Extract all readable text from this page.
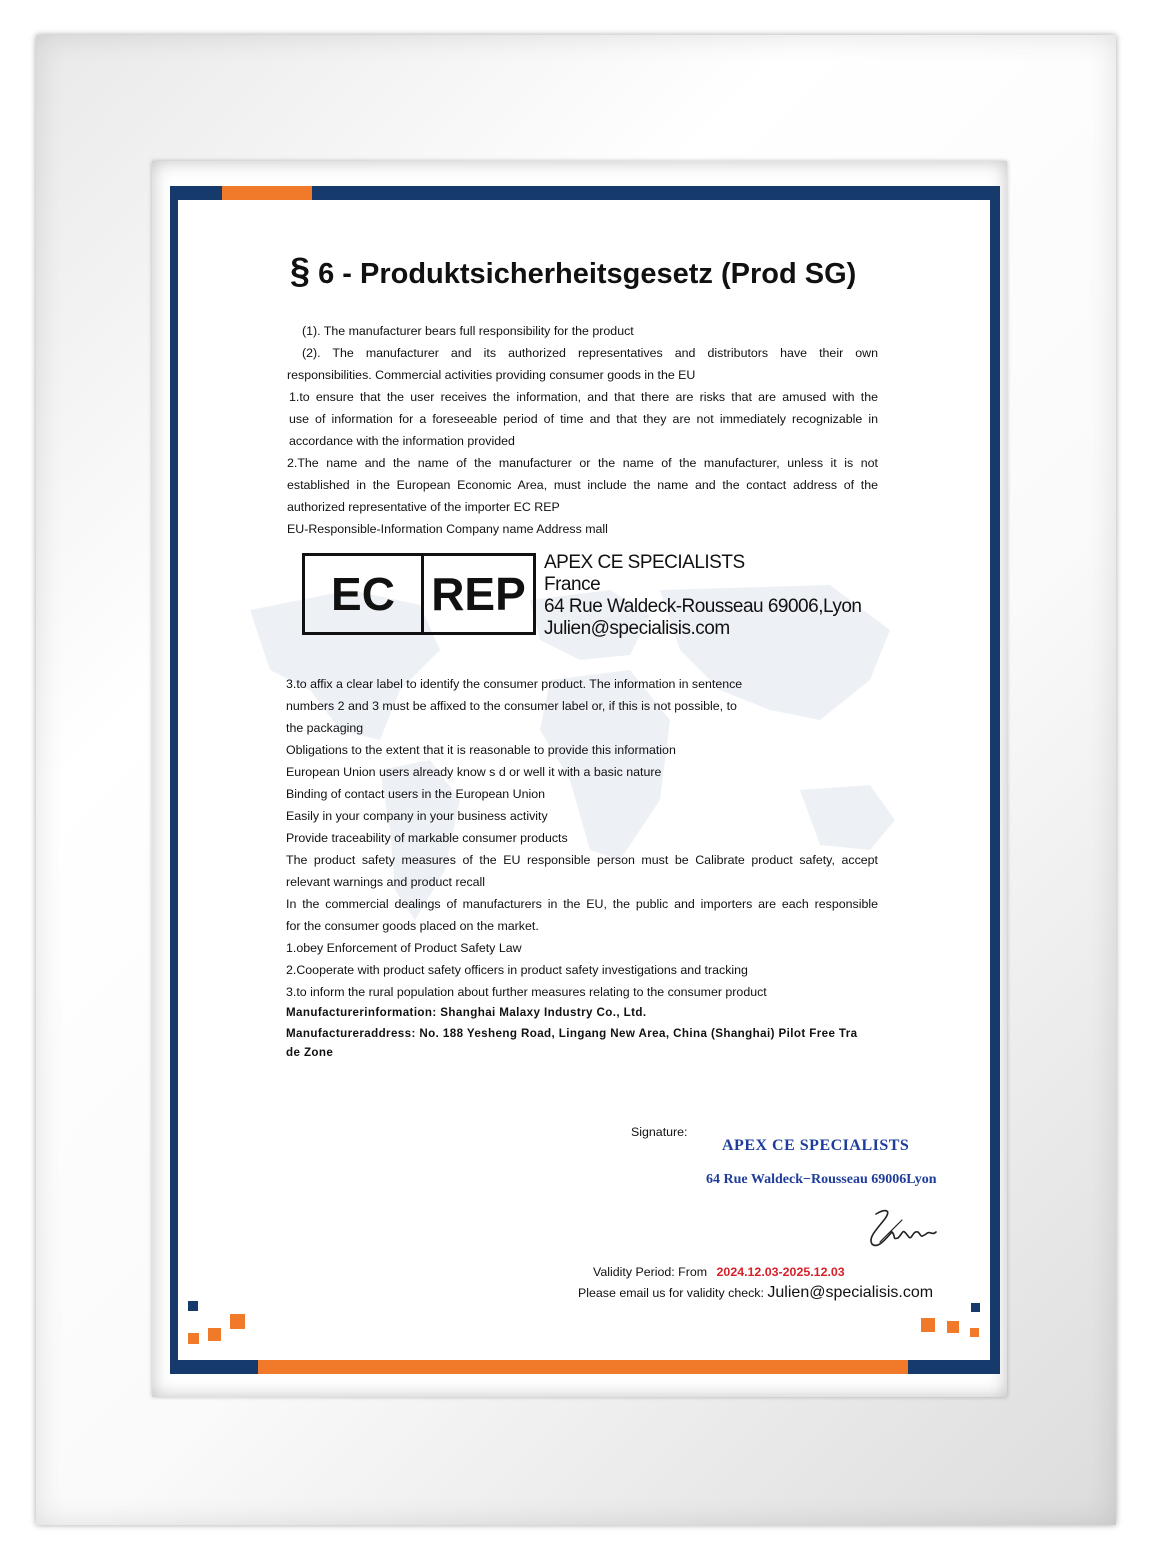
§ 6 - Produktsicherheitsgesetz (Prod SG)
(1). The manufacturer bears full responsibility for the product
(2). The manufacturer and its authorized representatives and distributors have their own
responsibilities. Commercial activities providing consumer goods in the EU
1.to ensure that the user receives the information, and that there are risks that are amused with the
use of information for a foreseeable period of time and that they are not immediately recognizable in
accordance with the information provided
2.The name and the name of the manufacturer or the name of the manufacturer, unless it is not
established in the European Economic Area, must include the name and the contact address of the
authorized representative of the importer EC REP
EU-Responsible-Information Company name Address mall
EC REP
APEX CE SPECIALISTS
France
64 Rue Waldeck-Rousseau 69006,Lyon
Julien@specialisis.com
3.to affix a clear label to identify the consumer product. The information in sentence
numbers 2 and 3 must be affixed to the consumer label or, if this is not possible, to
the packaging
Obligations to the extent that it is reasonable to provide this information
European Union users already know s d or well it with a basic nature
Binding of contact users in the European Union
Easily in your company in your business activity
Provide traceability of markable consumer products
The product safety measures of the EU responsible person must be Calibrate product safety, accept
relevant warnings and product recall
In the commercial dealings of manufacturers in the EU, the public and importers are each responsible
for the consumer goods placed on the market.
1.obey Enforcement of Product Safety Law
2.Cooperate with product safety officers in product safety investigations and tracking
3.to inform the rural population about further measures relating to the consumer product
Manufacturerinformation: Shanghai Malaxy Industry Co., Ltd.
Manufactureraddress: No. 188 Yesheng Road, Lingang New Area, China (Shanghai) Pilot Free Tra
de Zone
Signature:
APEX CE SPECIALISTS
64 Rue Waldeck−Rousseau 69006Lyon
Validity Period: From 2024.12.03-2025.12.03
Please email us for validity check: Julien@specialisis.com
